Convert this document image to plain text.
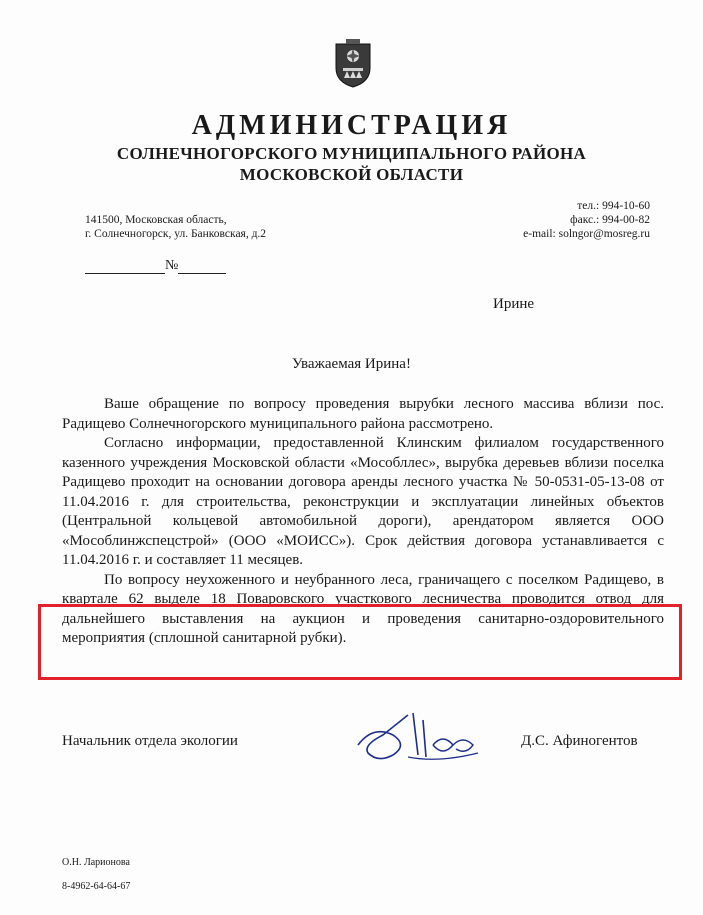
АДМИНИСТРАЦИЯ
СОЛНЕЧНОГОРСКОГО МУНИЦИПАЛЬНОГО РАЙОНА
МОСКОВСКОЙ ОБЛАСТИ
141500, Московская область,
г. Солнечногорск, ул. Банковская, д.2
тел.: 994-10-60
факс.: 994-00-82
e-mail: solngor@mosreg.ru
№
Ирине
Уважаемая Ирина!

Ваше обращение по вопросу проведения вырубки лесного массива вблизи пос. Радищево Солнечногорского муниципального района рассмотрено.

Согласно информации, предоставленной Клинским филиалом государственного казенного учреждения Московской области «Мособллес», вырубка деревьев вблизи поселка Радищево проходит на основании договора аренды лесного участка № 50-0531-05-13-08 от 11.04.2016 г. для строительства, реконструкции и эксплуатации линейных объектов (Центральной кольцевой автомобильной дороги), арендатором является ООО «Мособлинжспецстрой» (ООО «МОИСС»). Срок действия договора устанавливается с 11.04.2016 г. и составляет 11 месяцев.

По вопросу неухоженного и неубранного леса, граничащего с поселком Радищево, в квартале 62 выделе 18 Поваровского участкового лесничества проводится отвод для дальнейшего выставления на аукцион и проведения санитарно-оздоровительного мероприятия (сплошной санитарной рубки).

Начальник отдела экологии	Д.С. Афиногентов
О.Н. Ларионова
8-4962-64-64-67
